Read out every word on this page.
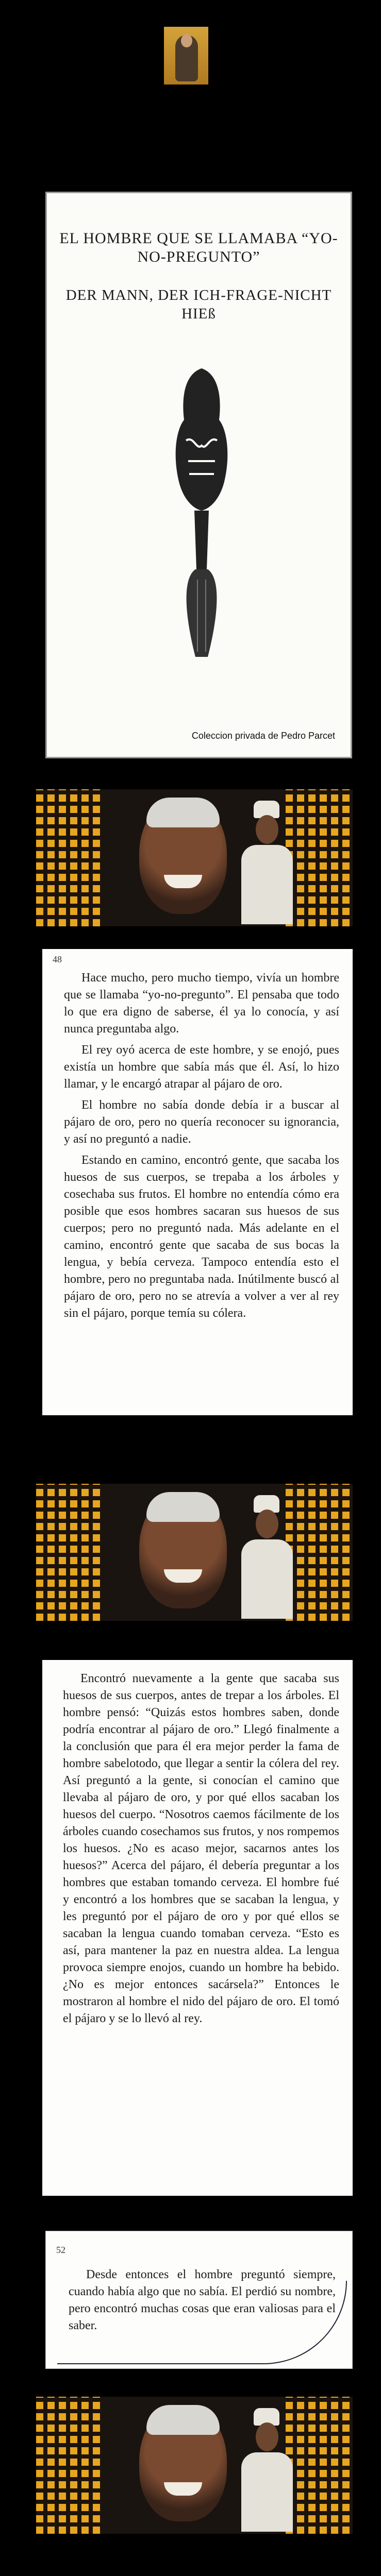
EL HOMBRE QUE SE LLAMABA “YO-NO-PREGUNTO”
DER MANN, DER ICH-FRAGE-NICHT HIEß
Coleccion privada de Pedro Parcet
48

Hace mucho, pero mucho tiempo, vivía un hombre que se llamaba “yo-no-pregunto”. El pensaba que todo lo que era digno de saberse, él ya lo conocía, y así nunca preguntaba algo.

El rey oyó acerca de este hombre, y se enojó, pues existía un hombre que sabía más que él. Así, lo hizo llamar, y le encargó atrapar al pájaro de oro.

El hombre no sabía donde debía ir a buscar al pájaro de oro, pero no quería reconocer su ignorancia, y así no preguntó a nadie.

Estando en camino, encontró gente, que sacaba los huesos de sus cuerpos, se trepaba a los árboles y cosechaba sus frutos. El hombre no entendía cómo era posible que esos hombres sacaran sus huesos de sus cuerpos; pero no preguntó nada. Más adelante en el camino, encontró gente que sacaba de sus bocas la lengua, y bebía cerveza. Tampoco entendía esto el hombre, pero no preguntaba nada. Inútilmente buscó al pájaro de oro, pero no se atrevía a volver a ver al rey sin el pájaro, porque temía su cólera.

Encontró nuevamente a la gente que sacaba sus huesos de sus cuerpos, antes de trepar a los árboles. El hombre pensó: “Quizás estos hombres saben, donde podría encontrar al pájaro de oro.” Llegó finalmente a la conclusión que para él era mejor perder la fama de hombre sabelotodo, que llegar a sentir la cólera del rey. Así preguntó a la gente, si conocían el camino que llevaba al pájaro de oro, y por qué ellos sacaban los huesos del cuerpo. “Nosotros caemos fácilmente de los árboles cuando cosechamos sus frutos, y nos rompemos los huesos. ¿No es acaso mejor, sacarnos antes los huesos?” Acerca del pájaro, él debería preguntar a los hombres que estaban tomando cerveza. El hombre fué y encontró a los hombres que se sacaban la lengua, y les preguntó por el pájaro de oro y por qué ellos se sacaban la lengua cuando tomaban cerveza. “Esto es así, para mantener la paz en nuestra aldea. La lengua provoca siempre enojos, cuando un hombre ha bebido. ¿No es mejor entonces sacársela?” Entonces le mostraron al hombre el nido del pájaro de oro. El tomó el pájaro y se lo llevó al rey.

52

Desde entonces el hombre preguntó siempre, cuando había algo que no sabía. El perdió su nombre, pero encontró muchas cosas que eran valiosas para el saber.
